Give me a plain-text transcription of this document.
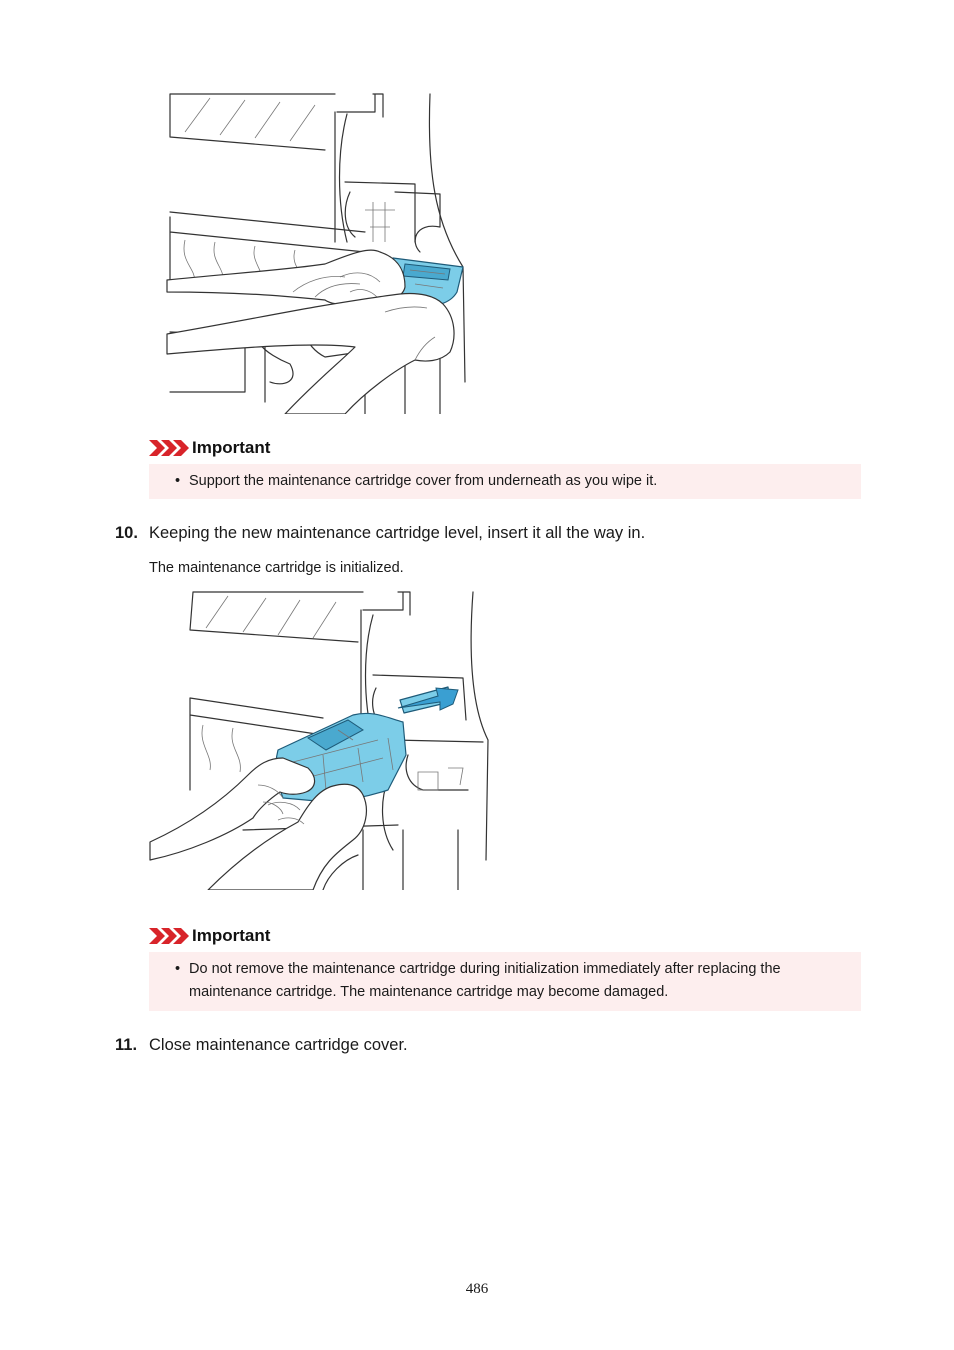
Important
• Support the maintenance cartridge cover from underneath as you wipe it.
10. Keeping the new maintenance cartridge level, insert it all the way in.
The maintenance cartridge is initialized.
Important
• Do not remove the maintenance cartridge during initialization immediately after replacing the maintenance cartridge. The maintenance cartridge may become damaged.
11. Close maintenance cartridge cover.
486
